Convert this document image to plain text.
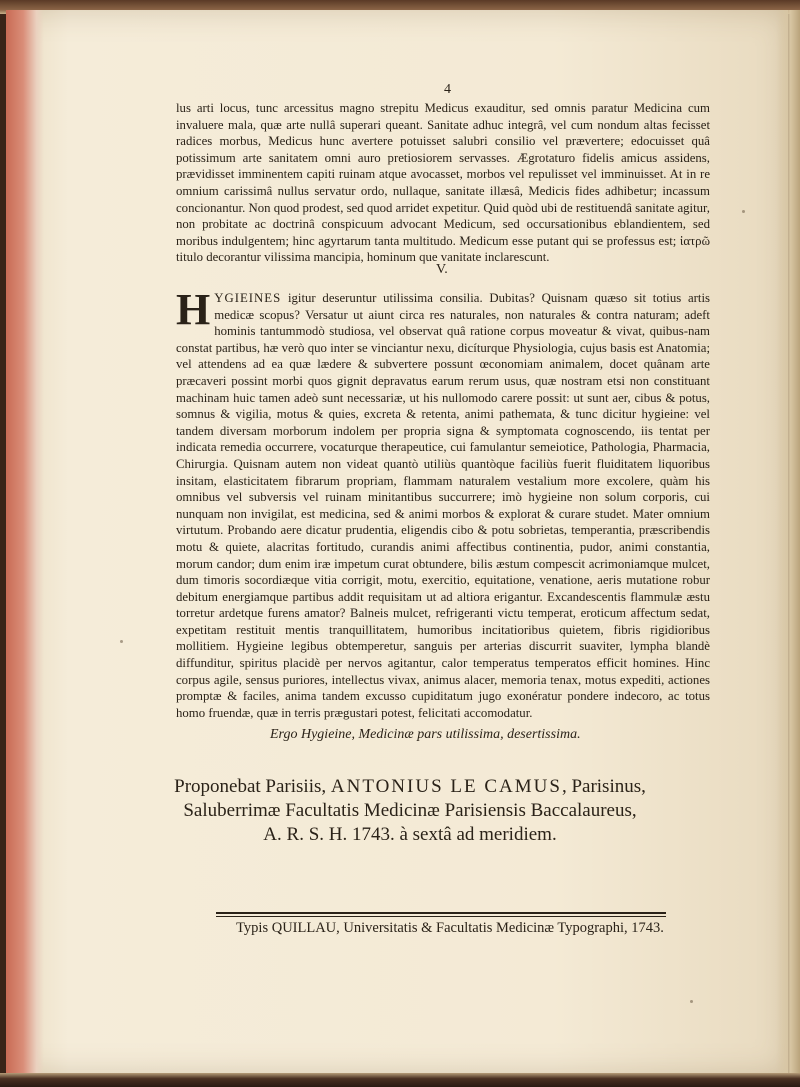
4
lus arti locus, tunc arcessitus magno strepitu Medicus exauditur, sed omnis paratur Medicina cum invaluere mala, quæ arte nullâ superari queant. Sanitate adhuc integrâ, vel cum nondum altas fecisset radices morbus, Medicus hunc avertere potuisset salubri consilio vel prævertere; edocuisset quâ potissimum arte sanitatem omni auro pretiosiorem servasses. Ægrotaturo fidelis amicus assidens, prævidisset imminentem capiti ruinam atque avocasset, morbos vel repulisset vel imminuisset. At in re omnium carissimâ nullus servatur ordo, nullaque, sanitate illæsâ, Medicis fides adhibetur; incassum concionantur. Non quod prodest, sed quod arridet expetitur. Quid quòd ubi de restituendâ sanitate agitur, non probitate ac doctrinâ conspicuum advocant Medicum, sed occursationibus eblandientem, sed moribus indulgentem; hinc agyrtarum tanta multitudo. Medicum esse putant qui se professus est; ἰατρῶ titulo decorantur vilissima mancipia, hominum que vanitate inclarescunt.
V.
HYGIEINES igitur deseruntur utilissima consilia. Dubitas? Quisnam quæso sit totius artis medicæ scopus? Versatur ut aiunt circa res naturales, non naturales & contra naturam; adeft hominis tantummodò studiosa, vel observat quâ ratione corpus moveatur & vivat, quibus-nam constat partibus, hæ verò quo inter se vinciantur nexu, dicíturque Physiologia, cujus basis est Anatomia; vel attendens ad ea quæ lædere & subvertere possunt œconomiam animalem, docet quânam arte præcaveri possint morbi quos gignit depravatus earum rerum usus, quæ nostram etsi non constituant machinam huic tamen adeò sunt necessariæ, ut his nullomodo carere possit: ut sunt aer, cibus & potus, somnus & vigilia, motus & quies, excreta & retenta, animi pathemata, & tunc dicitur hygieine: vel tandem diversam morborum indolem per propria signa & symptomata cognoscendo, iis tentat per indicata remedia occurrere, vocaturque therapeutice, cui famulantur semeiotice, Pathologia, Pharmacia, Chirurgia. Quisnam autem non videat quantò utiliùs quantòque faciliùs fuerit fluiditatem liquoribus insitam, elasticitatem fibrarum propriam, flammam naturalem vestalium more excolere, quàm his omnibus vel subversis vel ruinam minitantibus succurrere; imò hygieine non solum corporis, cui nunquam non invigilat, est medicina, sed & animi morbos & explorat & curare studet. Mater omnium virtutum. Probando aere dicatur prudentia, eligendis cibo & potu sobrietas, temperantia, præscribendis motu & quiete, alacritas fortitudo, curandis animi affectibus continentia, pudor, animi constantia, morum candor; dum enim iræ impetum curat obtundere, bilis æstum compescit acrimoniamque mulcet, dum timoris socordiæque vitia corrigit, motu, exercitio, equitatione, venatione, aeris mutatione robur debitum energiamque partibus addit requisitam ut ad altiora erigantur. Excandescentis flammulæ æstu torretur ardetque furens amator? Balneis mulcet, refrigeranti victu temperat, eroticum affectum sedat, expetitam restituit mentis tranquillitatem, humoribus incitatioribus quietem, fibris rigidioribus mollitiem. Hygieine legibus obtemperetur, sanguis per arterias discurrit suaviter, lympha blandè diffunditur, spiritus placidè per nervos agitantur, calor temperatus temperatos efficit homines. Hinc corpus agile, sensus puriores, intellectus vivax, animus alacer, memoria tenax, motus expediti, actiones promptæ & faciles, anima tandem excusso cupiditatum jugo exonératur pondere indecoro, ac totus homo fruendæ, quæ in terris prægustari potest, felicitati accomodatur.
Ergo Hygieine, Medicinæ pars utilissima, desertissima.
Proponebat Parisiis, ANTONIUS LE CAMUS, Parisinus,
Saluberrimæ Facultatis Medicinæ Parisiensis Baccalaureus,
A. R. S. H. 1743. à sextâ ad meridiem.
Typis QUILLAU, Universitatis & Facultatis Medicinæ Typographi, 1743.
